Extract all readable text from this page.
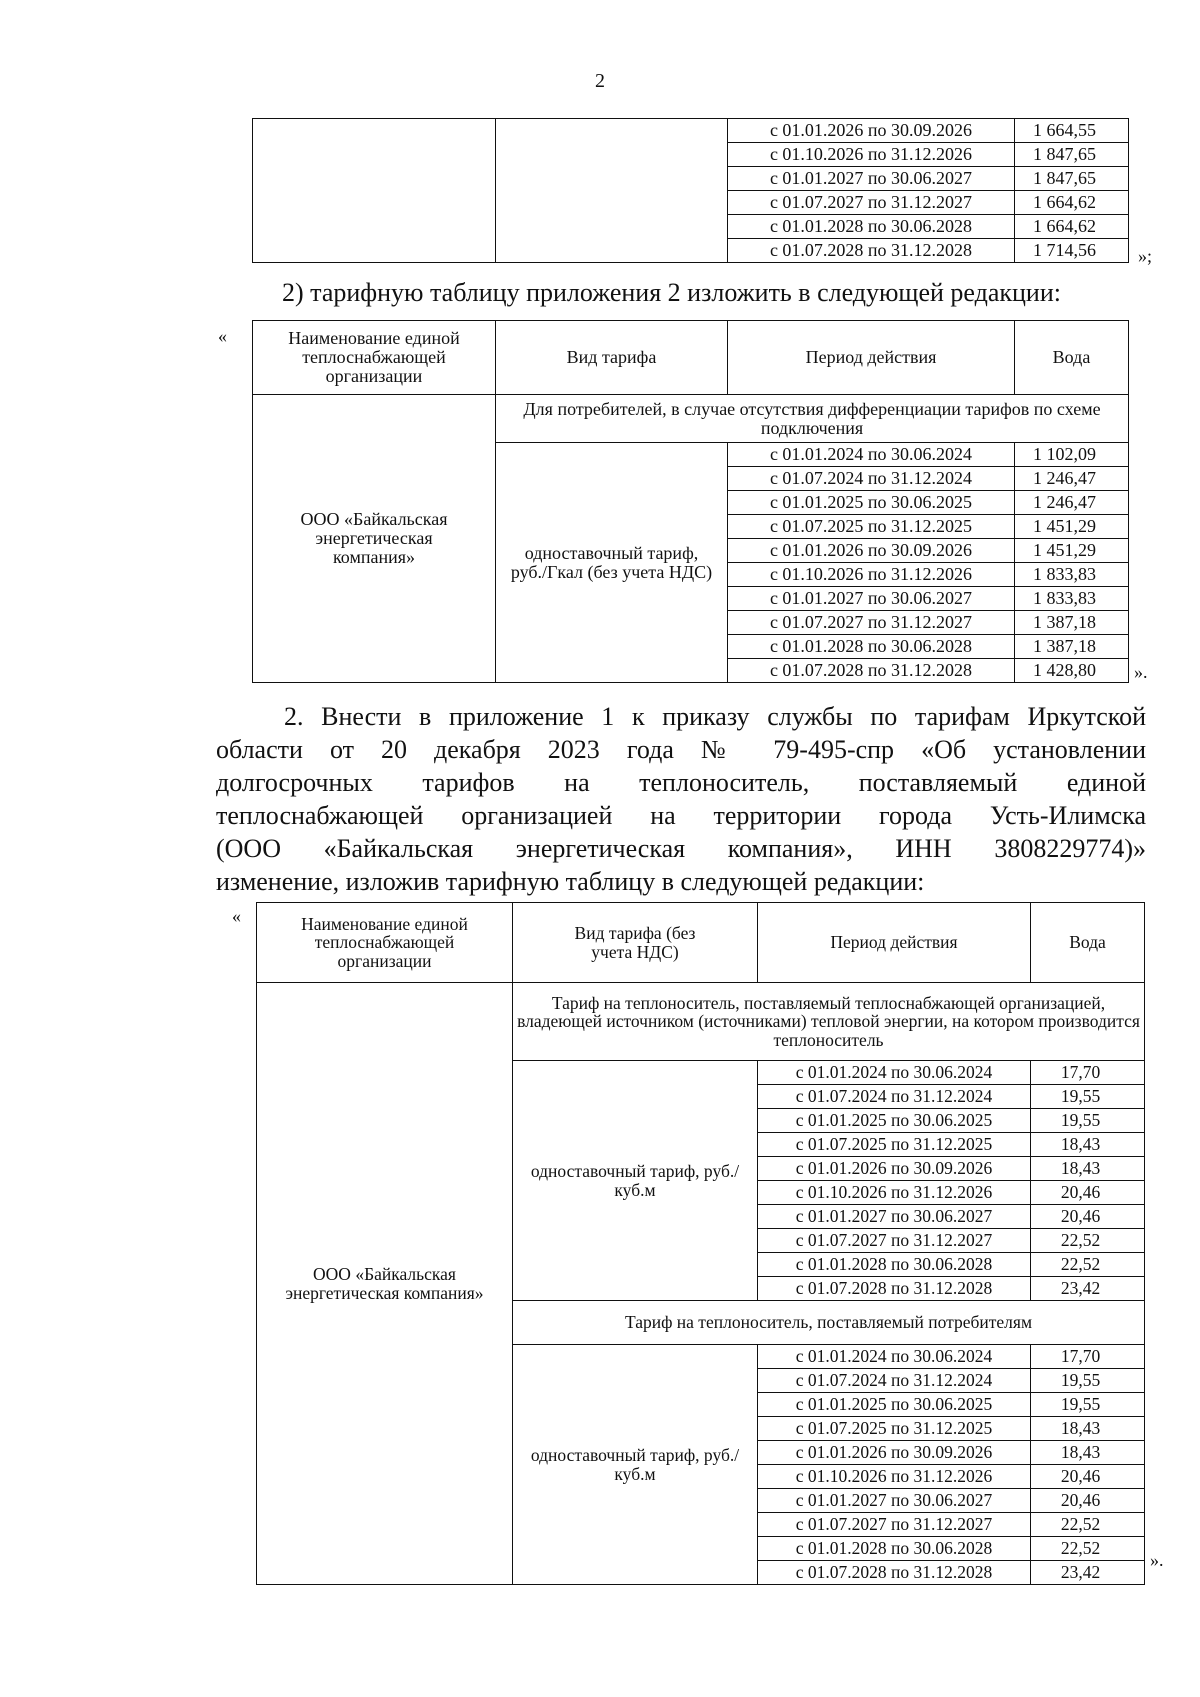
2
		с 01.01.2026 по 30.09.2026	1 664,55
		с 01.10.2026 по 31.12.2026	1 847,65
		с 01.01.2027 по 30.06.2027	1 847,65
		с 01.07.2027 по 31.12.2027	1 664,62
		с 01.01.2028 по 30.06.2028	1 664,62
		с 01.07.2028 по 31.12.2028	1 714,56 »;
2) тарифную таблицу приложения 2 изложить в следующей редакции:
«	Наименование единой теплоснабжающей организации	Вид тарифа	Период действия	Вода
ООО «Байкальская энергетическая компания»	Для потребителей, в случае отсутствия дифференциации тарифов по схеме подключения		
	одноставочный тариф, руб./Гкал (без учета НДС)	с 01.01.2024 по 30.06.2024	1 102,09
		с 01.07.2024 по 31.12.2024	1 246,47
		с 01.01.2025 по 30.06.2025	1 246,47
		с 01.07.2025 по 31.12.2025	1 451,29
		с 01.01.2026 по 30.09.2026	1 451,29
		с 01.10.2026 по 31.12.2026	1 833,83
		с 01.01.2027 по 30.06.2027	1 833,83
		с 01.07.2027 по 31.12.2027	1 387,18
		с 01.01.2028 по 30.06.2028	1 387,18
		с 01.07.2028 по 31.12.2028	1 428,80 ».
2. Внести в приложение 1 к приказу службы по тарифам Иркутской
области от 20 декабря 2023 года № 79-495-спр «Об установлении
долгосрочных тарифов на теплоноситель, поставляемый единой
теплоснабжающей организацией на территории города Усть-Илимска
(ООО «Байкальская энергетическая компания», ИНН 3808229774)»
изменение, изложив тарифную таблицу в следующей редакции:
«	Наименование единой теплоснабжающей организации	Вид тарифа (без учета НДС)	Период действия	Вода
ООО «Байкальская энергетическая компания»	Тариф на теплоноситель, поставляемый теплоснабжающей организацией, владеющей источником (источниками) тепловой энергии, на котором производится теплоноситель		
	одноставочный тариф, руб./куб.м	с 01.01.2024 по 30.06.2024	17,70
		с 01.07.2024 по 31.12.2024	19,55
		с 01.01.2025 по 30.06.2025	19,55
		с 01.07.2025 по 31.12.2025	18,43
		с 01.01.2026 по 30.09.2026	18,43
		с 01.10.2026 по 31.12.2026	20,46
		с 01.01.2027 по 30.06.2027	20,46
		с 01.07.2027 по 31.12.2027	22,52
		с 01.01.2028 по 30.06.2028	22,52
		с 01.07.2028 по 31.12.2028	23,42
	Тариф на теплоноситель, поставляемый потребителям		
	одноставочный тариф, руб./куб.м	с 01.01.2024 по 30.06.2024	17,70
		с 01.07.2024 по 31.12.2024	19,55
		с 01.01.2025 по 30.06.2025	19,55
		с 01.07.2025 по 31.12.2025	18,43
		с 01.01.2026 по 30.09.2026	18,43
		с 01.10.2026 по 31.12.2026	20,46
		с 01.01.2027 по 30.06.2027	20,46
		с 01.07.2027 по 31.12.2027	22,52
		с 01.01.2028 по 30.06.2028	22,52
		с 01.07.2028 по 31.12.2028	23,42
».
